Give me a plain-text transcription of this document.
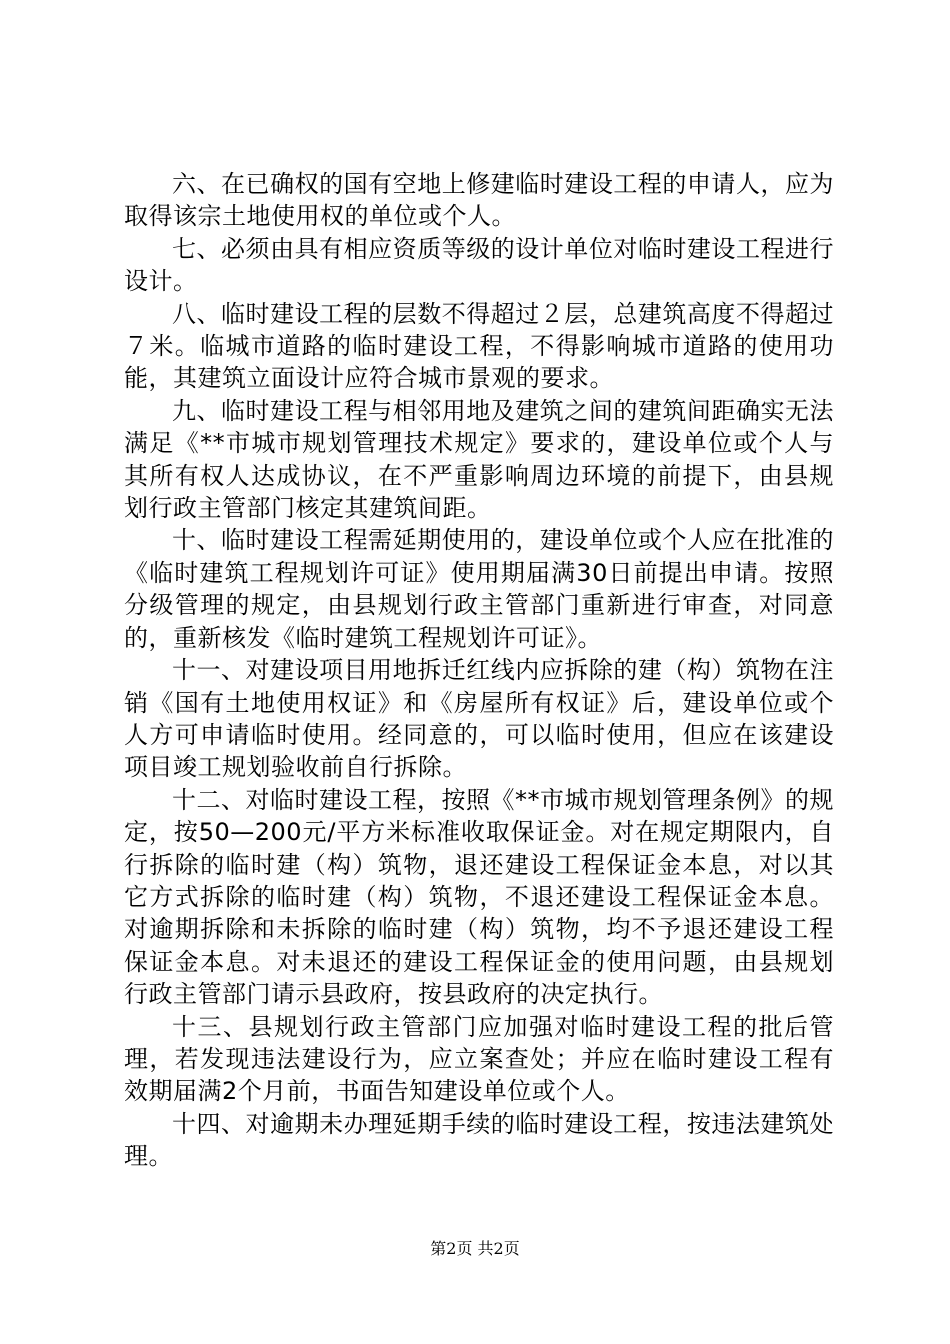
六、在已确权的国有空地上修建临时建设工程的申请人，应为取得该宗土地使用权的单位或个人。

七、必须由具有相应资质等级的设计单位对临时建设工程进行设计。

八、临时建设工程的层数不得超过２层，总建筑高度不得超过７米。临城市道路的临时建设工程，不得影响城市道路的使用功能，其建筑立面设计应符合城市景观的要求。

九、临时建设工程与相邻用地及建筑之间的建筑间距确实无法满足《**市城市规划管理技术规定》要求的，建设单位或个人与其所有权人达成协议，在不严重影响周边环境的前提下，由县规划行政主管部门核定其建筑间距。

十、临时建设工程需延期使用的，建设单位或个人应在批准的《临时建筑工程规划许可证》使用期届满30日前提出申请。按照分级管理的规定，由县规划行政主管部门重新进行审查，对同意的，重新核发《临时建筑工程规划许可证》。

十一、对建设项目用地拆迁红线内应拆除的建（构）筑物在注销《国有土地使用权证》和《房屋所有权证》后，建设单位或个人方可申请临时使用。经同意的，可以临时使用，但应在该建设项目竣工规划验收前自行拆除。

十二、对临时建设工程，按照《**市城市规划管理条例》的规定，按50—200元/平方米标准收取保证金。对在规定期限内，自行拆除的临时建（构）筑物，退还建设工程保证金本息，对以其它方式拆除的临时建（构）筑物，不退还建设工程保证金本息。对逾期拆除和未拆除的临时建（构）筑物，均不予退还建设工程保证金本息。对未退还的建设工程保证金的使用问题，由县规划行政主管部门请示县政府，按县政府的决定执行。

十三、县规划行政主管部门应加强对临时建设工程的批后管理，若发现违法建设行为，应立案查处；并应在临时建设工程有效期届满2个月前，书面告知建设单位或个人。

十四、对逾期未办理延期手续的临时建设工程，按违法建筑处理。

第2页 共2页
